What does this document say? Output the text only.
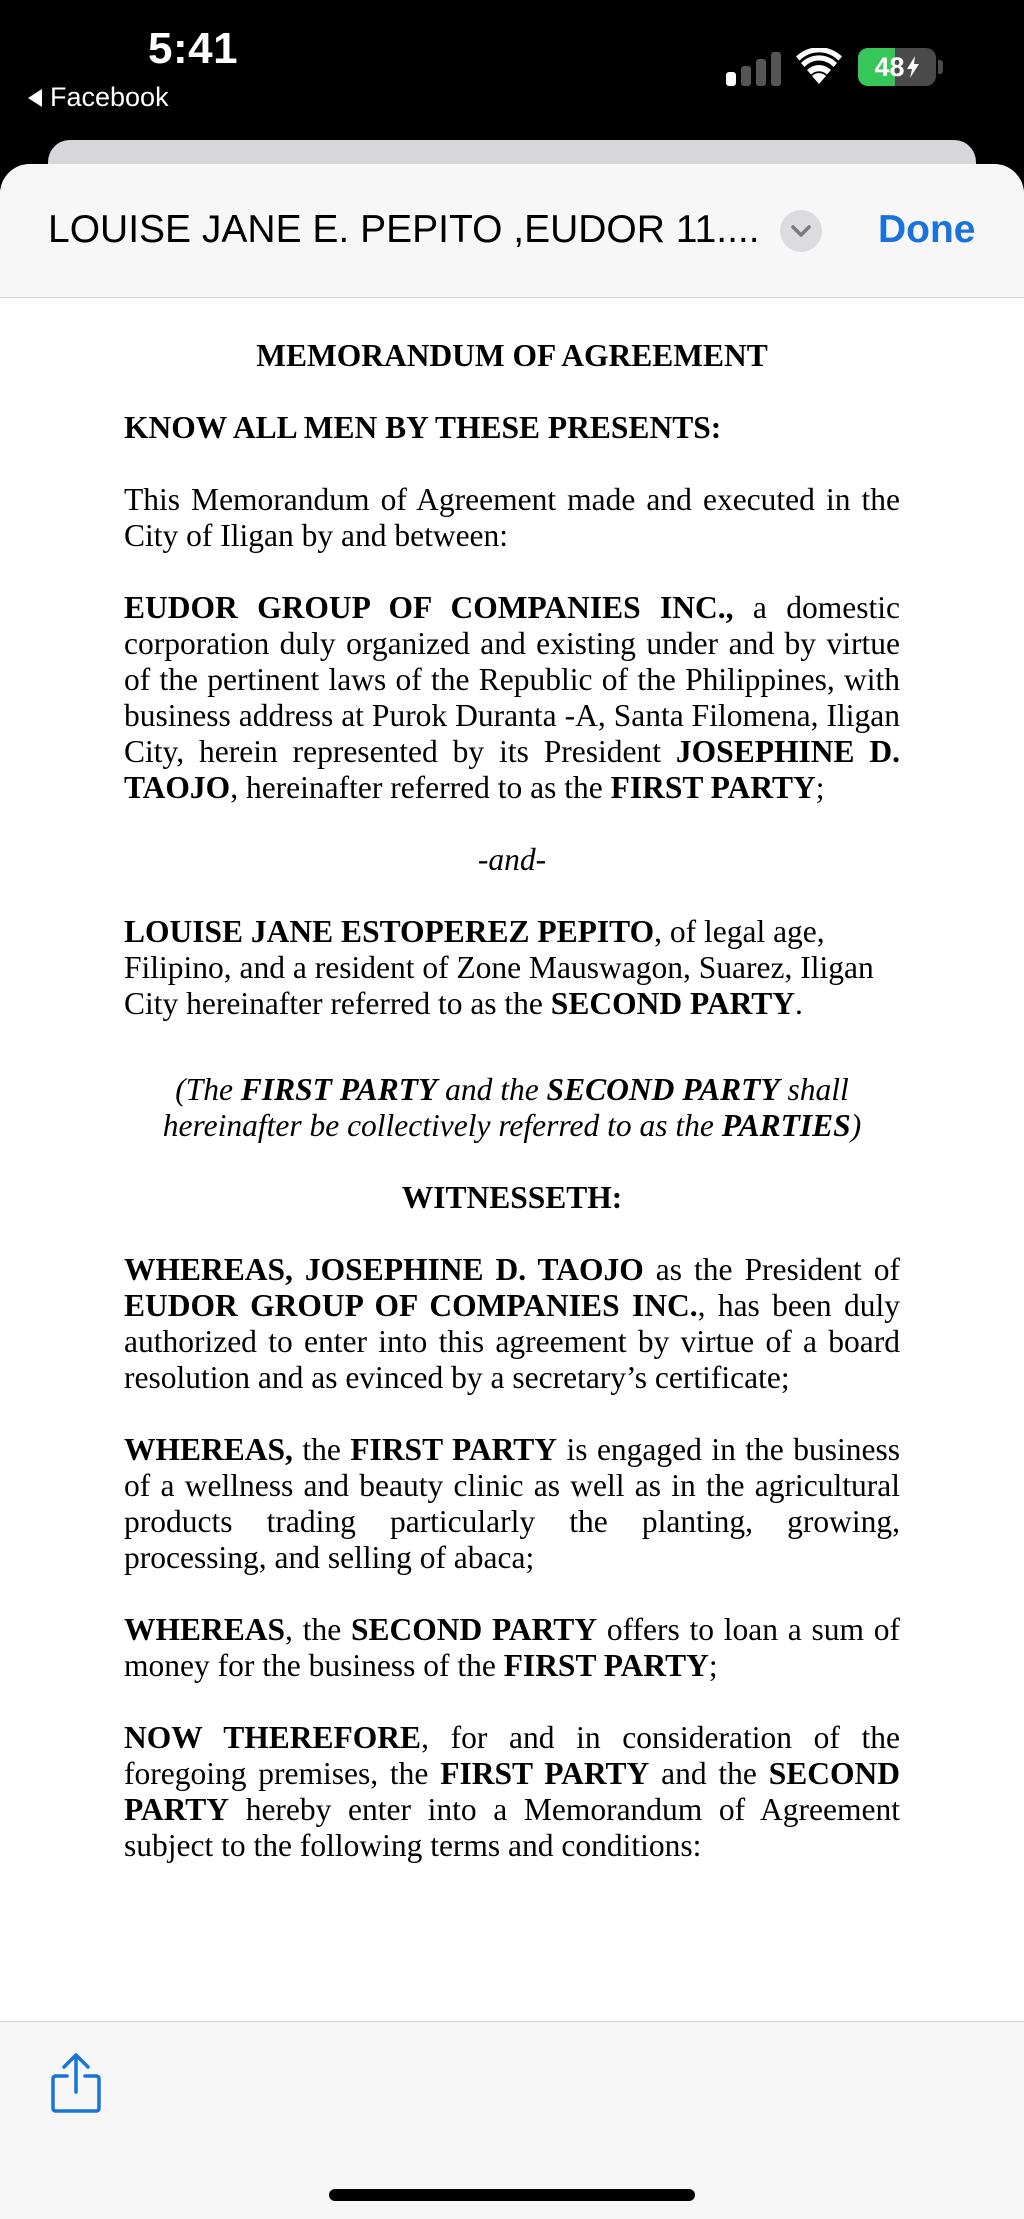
5:41
Facebook
48
LOUISE JANE E. PEPITO ,EUDOR 11....	Done

MEMORANDUM OF AGREEMENT

KNOW ALL MEN BY THESE PRESENTS:

This Memorandum of Agreement made and executed in the City of Iligan by and between:

EUDOR GROUP OF COMPANIES INC., a domestic corporation duly organized and existing under and by virtue of the pertinent laws of the Republic of the Philippines, with business address at Purok Duranta -A, Santa Filomena, Iligan City, herein represented by its President JOSEPHINE D. TAOJO, hereinafter referred to as the FIRST PARTY;

-and-

LOUISE JANE ESTOPEREZ PEPITO, of legal age, Filipino, and a resident of Zone Mauswagon, Suarez, Iligan City hereinafter referred to as the SECOND PARTY.

(The FIRST PARTY and the SECOND PARTY shall hereinafter be collectively referred to as the PARTIES)

WITNESSETH:

WHEREAS, JOSEPHINE D. TAOJO as the President of EUDOR GROUP OF COMPANIES INC., has been duly authorized to enter into this agreement by virtue of a board resolution and as evinced by a secretary’s certificate;

WHEREAS, the FIRST PARTY is engaged in the business of a wellness and beauty clinic as well as in the agricultural products trading particularly the planting, growing, processing, and selling of abaca;

WHEREAS, the SECOND PARTY offers to loan a sum of money for the business of the FIRST PARTY;

NOW THEREFORE, for and in consideration of the foregoing premises, the FIRST PARTY and the SECOND PARTY hereby enter into a Memorandum of Agreement subject to the following terms and conditions:
